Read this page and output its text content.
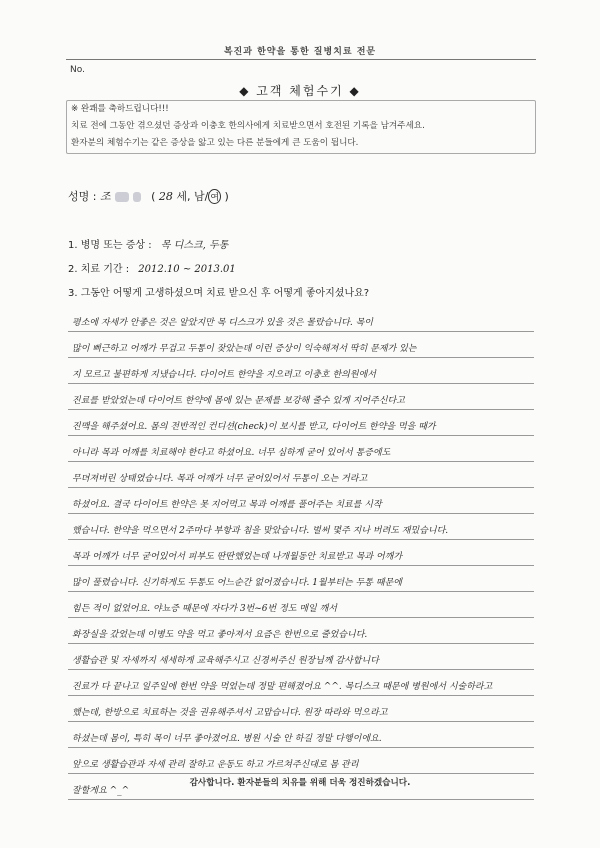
복진과 한약을 통한 질병치료 전문
No.
◆ 고객 체험수기 ◆

※ 완쾌를 축하드립니다!!!

치료 전에 그동안 겪으셨던 증상과 이충호 한의사에게 치료받으면서 호전된 기록을 남겨주세요.

환자분의 체험수기는 같은 증상을 앓고 있는 다른 분들에게 큰 도움이 됩니다.

성명 : 조	( 28 세, 남/ 여 )
1. 병명 또는 증상 : 목 디스크, 두통
2. 치료 기간 : 2012.10 ~ 2013.01
3. 그동안 어떻게 고생하셨으며 치료 받으신 후 어떻게 좋아지셨나요?
평소에 자세가 안좋은 것은 알았지만 목 디스크가 있을 것은 몰랐습니다. 목이
많이 뻐근하고 어깨가 무겁고 두통이 잦았는데 이런 증상이 익숙해져서 딱히 문제가 있는
지 모르고 불편하게 지냈습니다. 다이어트 한약을 지으려고 이충호 한의원에서
진료를 받았었는데 다이어트 한약에 몸에 있는 문제를 보강해 줄수 있게 지어주신다고
진맥을 해주셨어요. 몸의 전반적인 컨디션(check)이 보시를 받고, 다이어트 한약을 먹을 때가
아니라 목과 어깨를 치료해야 한다고 하셨어요. 너무 심하게 굳어 있어서 통증에도
무뎌져버린 상태였습니다. 목과 어깨가 너무 굳어있어서 두통이 오는 거라고
하셨어요. 결국 다이어트 한약은 못 지어먹고 목과 어깨를 풀어주는 치료를 시작
했습니다. 한약을 먹으면서 2주마다 부항과 침을 맞았습니다. 벌써 몇주 지나 버려도 재밌습니다.
목과 어깨가 너무 굳어있어서 피부도 딴딴했었는데 나개월동안 치료받고 목과 어깨가
많이 풀렸습니다. 신기하게도 두통도 어느순간 없어졌습니다. 1월부터는 두통 때문에
힘든 적이 없었어요. 야뇨증 때문에 자다가 3번~6번 정도 매일 깨서
화장실을 갔었는데 이병도 약을 먹고 좋아져서 요즘은 한번으로 줄었습니다.
생활습관 및 자세까지 세세하게 교육해주시고 신경써주신 원장님께 감사합니다
진료가 다 끝나고 일주일에 한번 약을 먹었는데 정말 편해졌어요 ^^. 목디스크 때문에 병원에서 시술하라고
했는데, 한방으로 치료하는 것을 권유해주셔서 고맙습니다. 원장 따라와 먹으라고
하셨는데 몸이, 특히 목이 너무 좋아졌어요. 병원 시술 안 하길 정말 다행이에요.
앞으로 생활습관과 자세 관리 잘하고 운동도 하고 가르쳐주신대로 몸 관리
잘할게요 ^_^
감사합니다. 환자분들의 치유를 위해 더욱 정진하겠습니다.
